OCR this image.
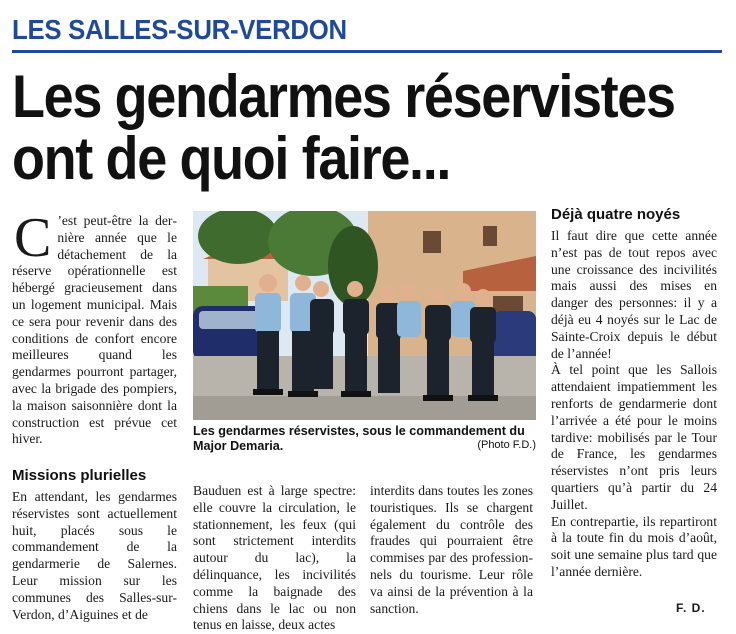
LES SALLES-SUR-VERDON
Les gendarmes réservistes
ont de quoi faire...
C ’est peut-être la dernière année que le détachement de la réserve opérationnelle est hébergé gracieusement dans un logement municipal. Mais ce sera pour revenir dans des conditions de confort encore meilleures quand les gendarmes pourront partager, avec la brigade des pompiers, la maison saisonnière dont la construction est prévue cet hiver.
Missions plurielles

En attendant, les gendarmes réservistes sont actuellement huit, placés sous le commandement de la gendarmerie de Salernes. Leur mission sur les communes des Salles-sur-Verdon, d’Aiguines et de

Les gendarmes réservistes, sous le commandement du Major Demaria.	(Photo F.D.)

Bauduen est à large spectre: elle couvre la circulation, le stationnement, les feux (qui sont strictement interdits autour du lac), la délinquance, les incivilités comme la baignade des chiens dans le lac ou non tenus en laisse, deux actes

interdits dans toutes les zones touristiques. Ils se chargent également du contrôle des fraudes qui pourraient être commises par des professionnels du tourisme. Leur rôle va ainsi de la prévention à la sanction.

Déjà quatre noyés

Il faut dire que cette année n’est pas de tout repos avec une croissance des incivilités mais aussi des mises en danger des personnes: il y a déjà eu 4 noyés sur le Lac de Sainte-Croix depuis le début de l’année!

À tel point que les Sallois attendaient impatiemment les renforts de gendarmerie dont l’arrivée a été pour le moins tardive: mobilisés par le Tour de France, les gendarmes réservistes n’ont pris leurs quartiers qu’à partir du 24 Juillet.

En contrepartie, ils repartiront à la toute fin du mois d’août, soit une semaine plus tard que l’année dernière.

F. D.
